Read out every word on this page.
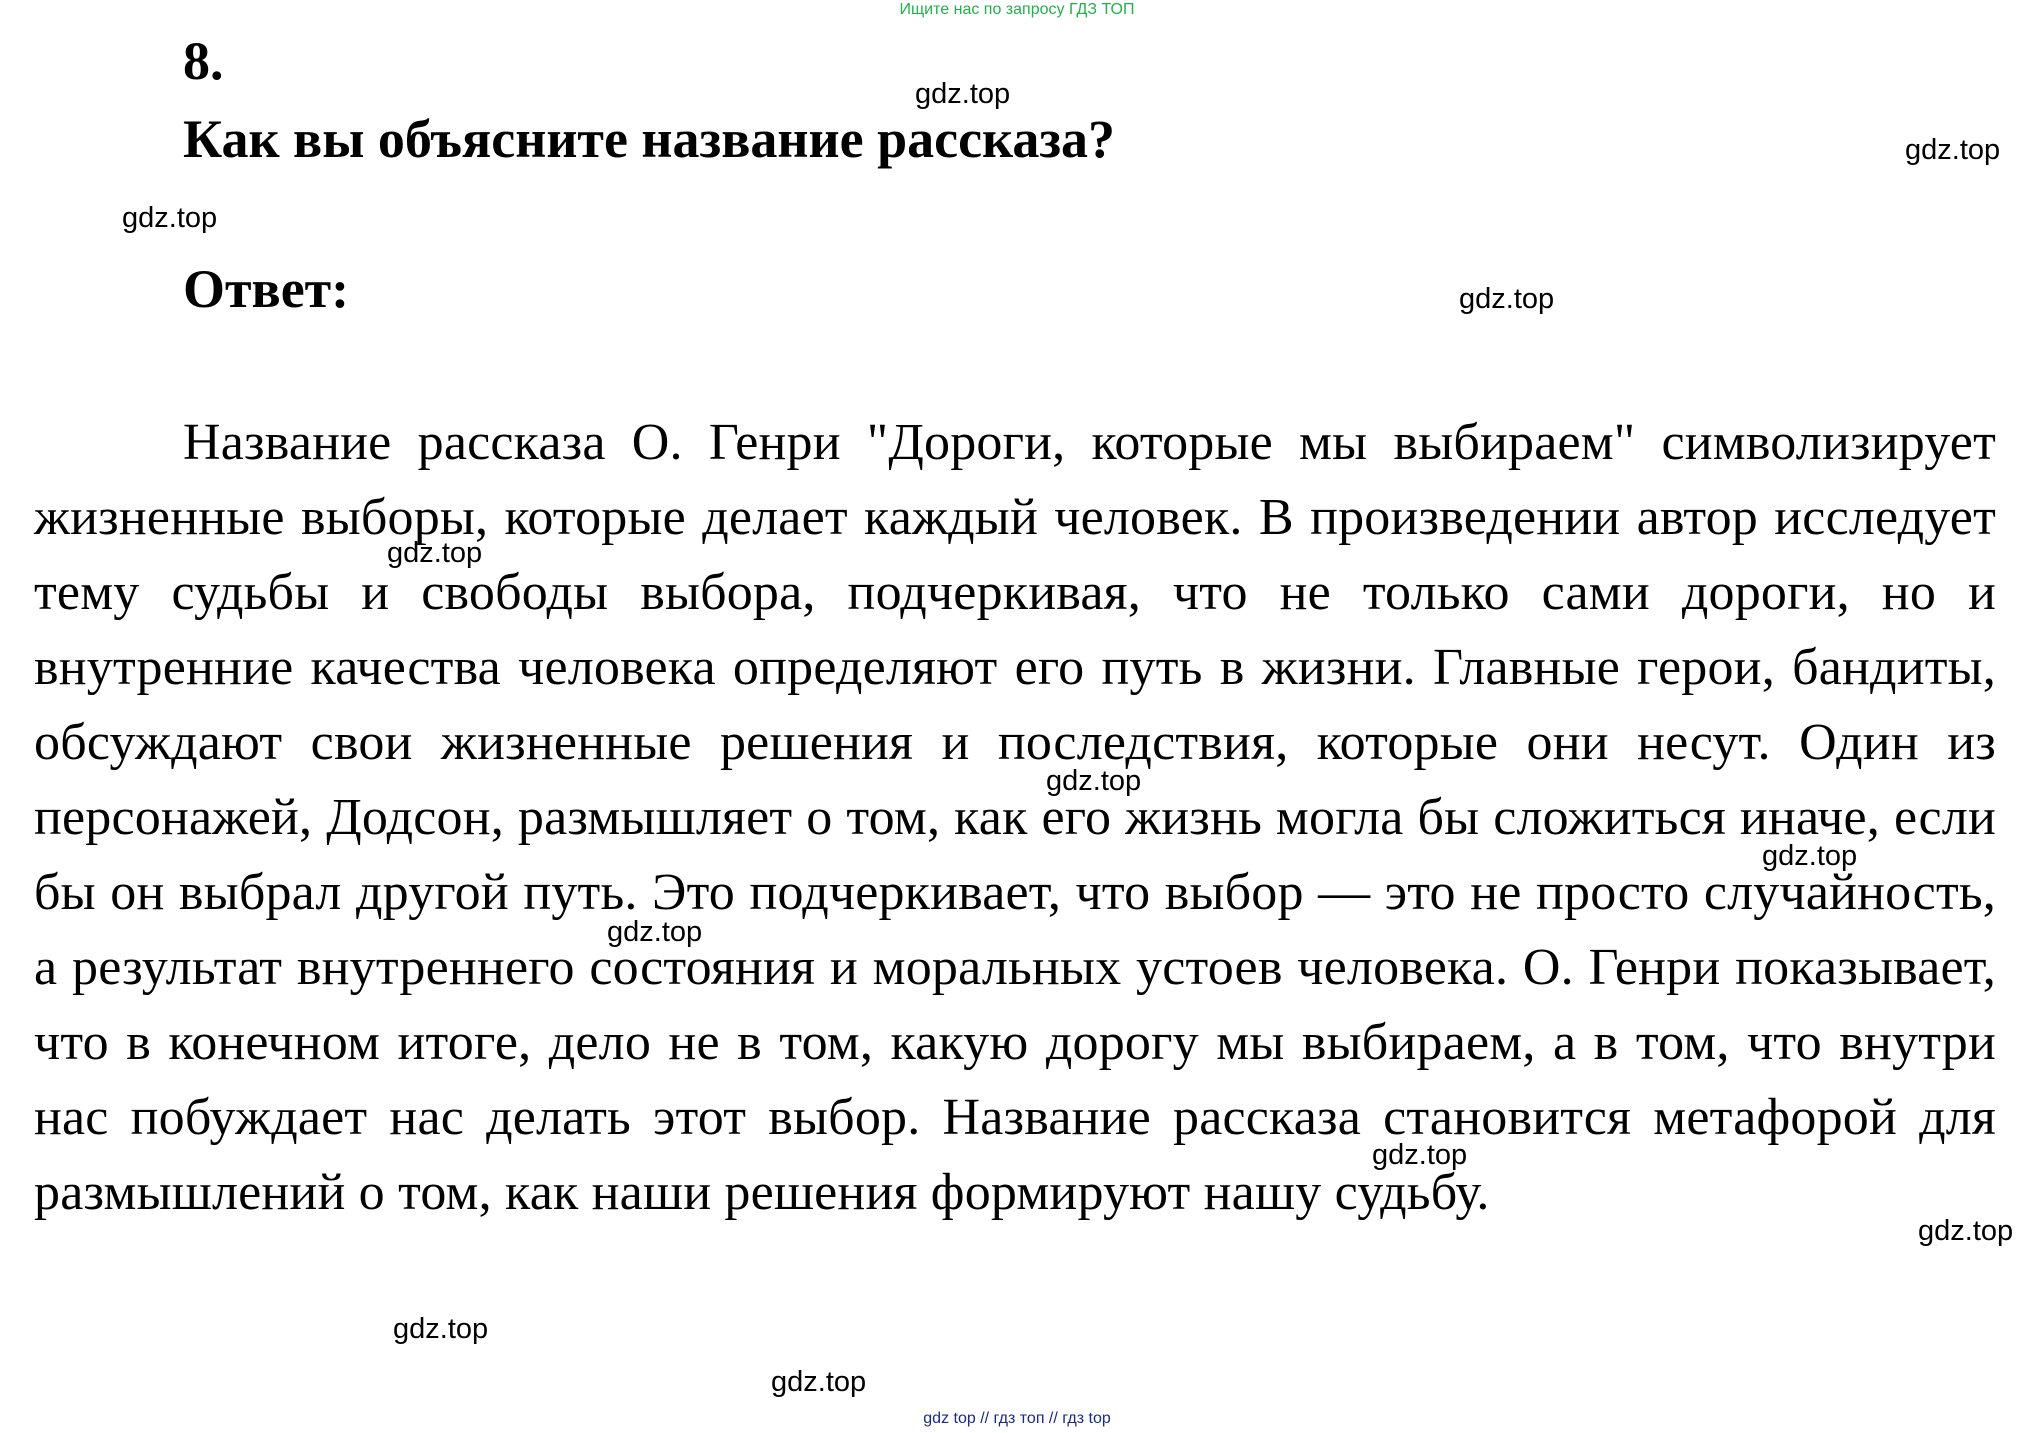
Ищите нас по запросу ГДЗ ТОП
8.
Как вы объясните название рассказа?
Ответ:

Название рассказа О. Генри "Дороги, которые мы выбираем" символизирует жизненные выборы, которые делает каждый человек. В произведении автор исследует тему судьбы и свободы выбора, подчеркивая, что не только сами дороги, но и внутренние качества человека определяют его путь в жизни. Главные герои, бандиты, обсуждают свои жизненные решения и последствия, которые они несут. Один из персонажей, Додсон, размышляет о том, как его жизнь могла бы сложиться иначе, если бы он выбрал другой путь. Это подчеркивает, что выбор — это не просто случайность, а результат внутреннего состояния и моральных устоев человека. О. Генри показывает, что в конечном итоге, дело не в том, какую дорогу мы выбираем, а в том, что внутри нас побуждает нас делать этот выбор. Название рассказа становится метафорой для размышлений о том, как наши решения формируют нашу судьбу.

gdz.top
gdz.top
gdz.top
gdz.top
gdz.top
gdz.top
gdz.top
gdz.top
gdz.top
gdz.top
gdz.top
gdz.top
gdz top // гдз топ // гдз top
